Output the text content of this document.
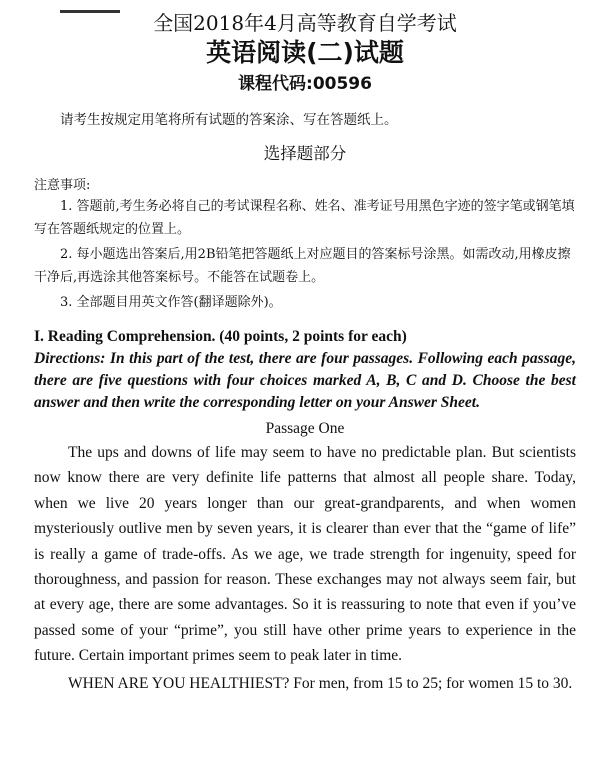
全国2018年4月高等教育自学考试
英语阅读(二)试题
课程代码:00596
请考生按规定用笔将所有试题的答案涂、写在答题纸上。
选择题部分
注意事项:

1. 答题前,考生务必将自己的考试课程名称、姓名、准考证号用黑色字迹的签字笔或钢笔填写在答题纸规定的位置上。

2. 每小题选出答案后,用2B铅笔把答题纸上对应题目的答案标号涂黑。如需改动,用橡皮擦干净后,再选涂其他答案标号。不能答在试题卷上。

3. 全部题目用英文作答(翻译题除外)。

I. Reading Comprehension. (40 points, 2 points for each)

Directions: In this part of the test, there are four passages. Following each passage, there are five questions with four choices marked A, B, C and D. Choose the best answer and then write the corresponding letter on your Answer Sheet.

Passage One

The ups and downs of life may seem to have no predictable plan. But scientists now know there are very definite life patterns that almost all people share. Today, when we live 20 years longer than our great-grandparents, and when women mysteriously outlive men by seven years, it is clearer than ever that the “game of life” is really a game of trade-offs. As we age, we trade strength for ingenuity, speed for thoroughness, and passion for reason. These exchanges may not always seem fair, but at every age, there are some advantages. So it is reassuring to note that even if you’ve passed some of your “prime”, you still have other prime years to experience in the future. Certain important primes seem to peak later in time.

WHEN ARE YOU HEALTHIEST? For men, from 15 to 25; for women 15 to 30.
